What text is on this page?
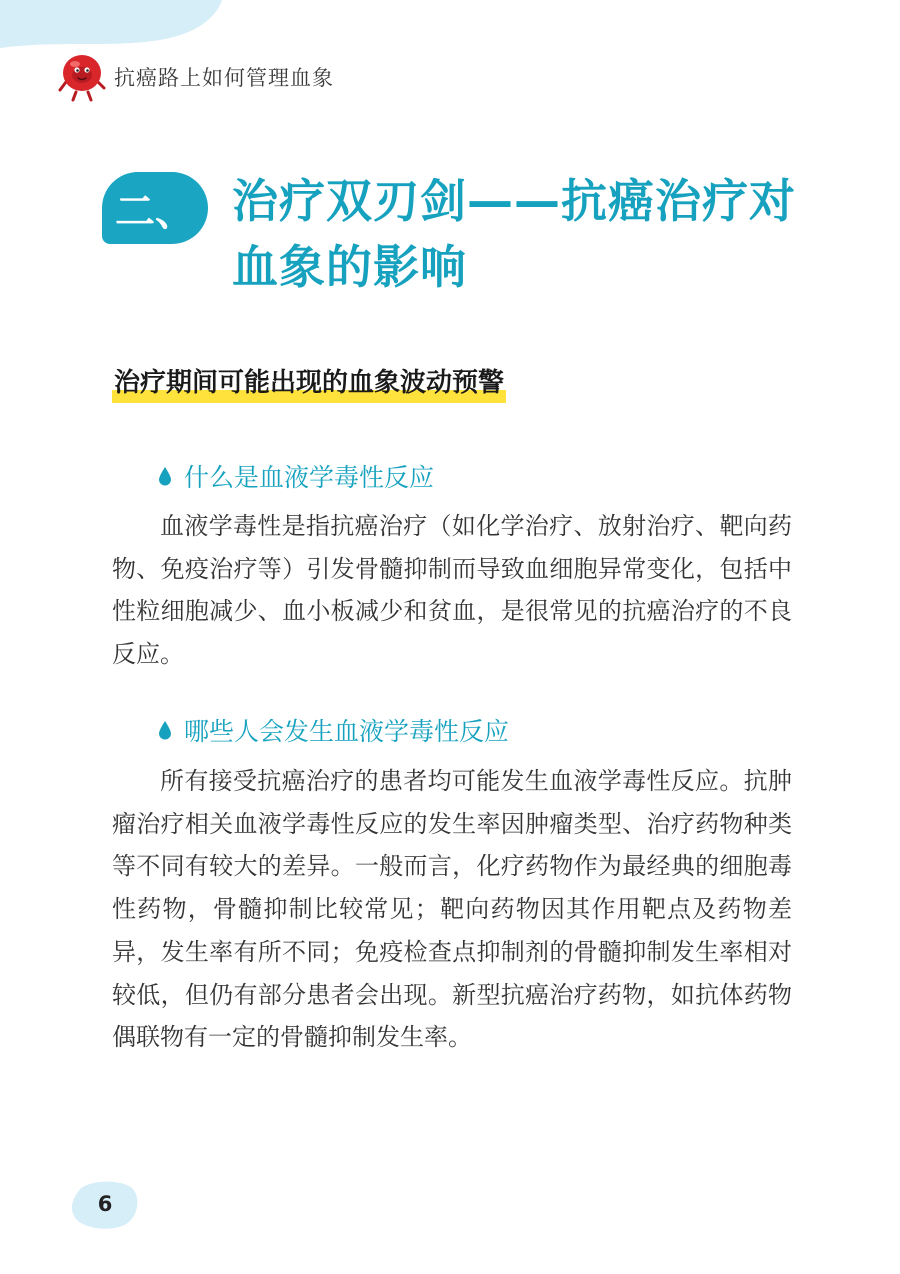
抗癌路上如何管理血象
二、 治疗双刃剑——抗癌治疗对血象的影响
治疗期间可能出现的血象波动预警
什么是血液学毒性反应

血液学毒性是指抗癌治疗（如化学治疗、放射治疗、靶向药物、免疫治疗等）引发骨髓抑制而导致血细胞异常变化，包括中性粒细胞减少、血小板减少和贫血，是很常见的抗癌治疗的不良反应。

哪些人会发生血液学毒性反应

所有接受抗癌治疗的患者均可能发生血液学毒性反应。抗肿瘤治疗相关血液学毒性反应的发生率因肿瘤类型、治疗药物种类等不同有较大的差异。一般而言，化疗药物作为最经典的细胞毒性药物，骨髓抑制比较常见；靶向药物因其作用靶点及药物差异，发生率有所不同；免疫检查点抑制剂的骨髓抑制发生率相对较低，但仍有部分患者会出现。新型抗癌治疗药物，如抗体药物偶联物有一定的骨髓抑制发生率。

6
